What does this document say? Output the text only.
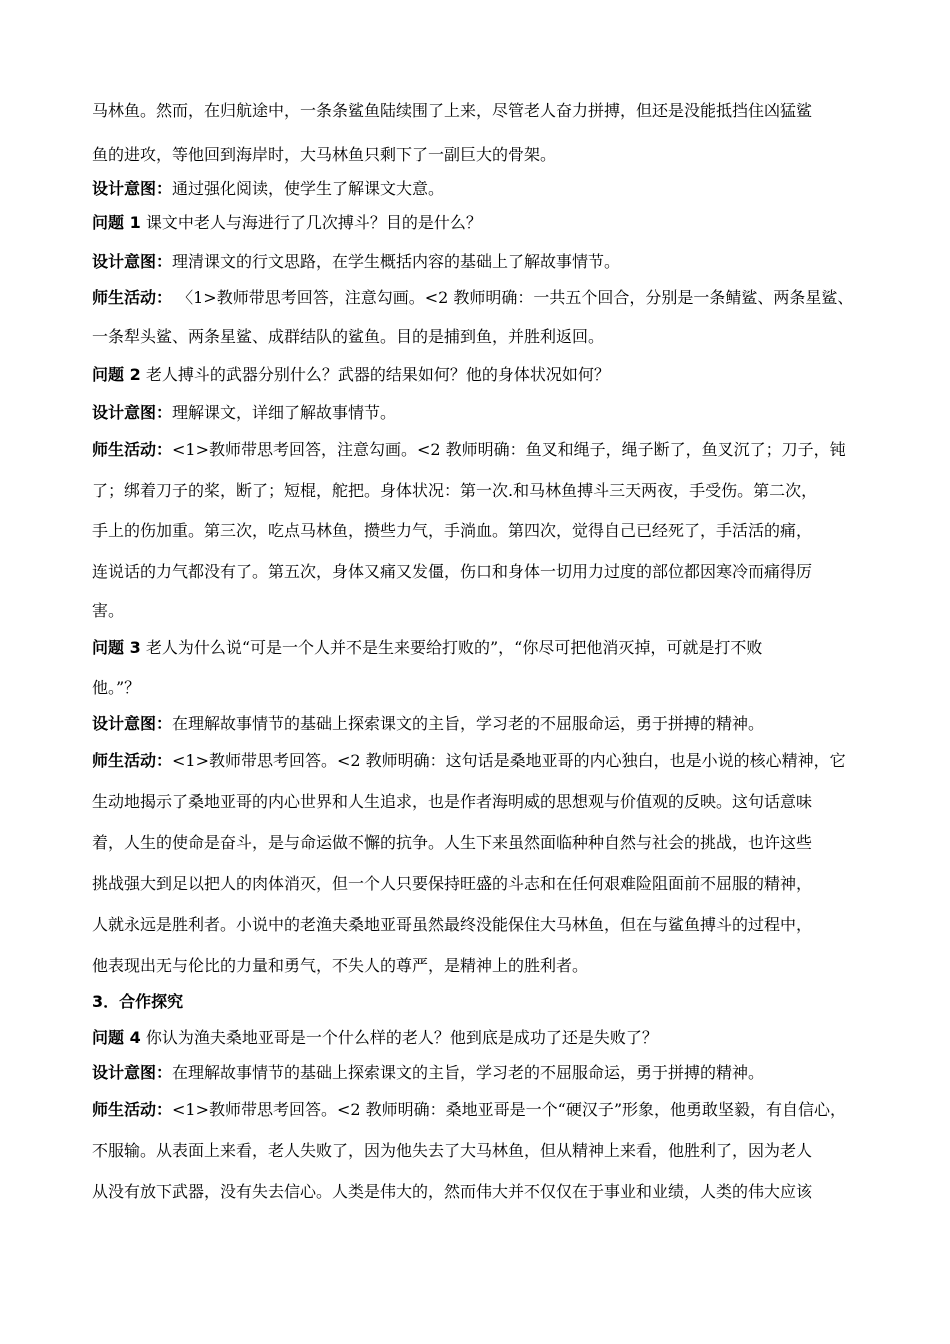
马林鱼。然而，在归航途中，一条条鲨鱼陆续围了上来，尽管老人奋力拼搏，但还是没能抵挡住凶猛鲨
鱼的进攻，等他回到海岸时，大马林鱼只剩下了一副巨大的骨架。
设计意图：通过强化阅读，使学生了解课文大意。
问题 1 课文中老人与海进行了几次搏斗？目的是什么？
设计意图：理清课文的行文思路，在学生概括内容的基础上了解故事情节。
师生活动： 〈1>教师带思考回答，注意勾画。<2 教师明确：一共五个回合，分别是一条鲭鲨、两条星鲨、
一条犁头鲨、两条星鲨、成群结队的鲨鱼。目的是捕到鱼，并胜利返回。
问题 2 老人搏斗的武器分别什么？武器的结果如何？他的身体状况如何？
设计意图：理解课文，详细了解故事情节。
师生活动：<1>教师带思考回答，注意勾画。<2 教师明确：鱼叉和绳子，绳子断了，鱼叉沉了；刀子，钝
了；绑着刀子的桨，断了；短棍，舵把。身体状况：第一次.和马林鱼搏斗三天两夜，手受伤。第二次，
手上的伤加重。第三次，吃点马林鱼，攒些力气，手淌血。第四次，觉得自己已经死了，手活活的痛，
连说话的力气都没有了。第五次，身体又痛又发僵，伤口和身体一切用力过度的部位都因寒冷而痛得厉
害。
问题 3 老人为什么说“可是一个人并不是生来要给打败的”，“你尽可把他消灭掉，可就是打不败
他。”？
设计意图：在理解故事情节的基础上探索课文的主旨，学习老的不屈服命运，勇于拼搏的精神。
师生活动：<1>教师带思考回答。<2 教师明确：这句话是桑地亚哥的内心独白，也是小说的核心精神，它
生动地揭示了桑地亚哥的内心世界和人生追求，也是作者海明威的思想观与价值观的反映。这句话意味
着，人生的使命是奋斗，是与命运做不懈的抗争。人生下来虽然面临种种自然与社会的挑战，也许这些
挑战强大到足以把人的肉体消灭，但一个人只要保持旺盛的斗志和在任何艰难险阻面前不屈服的精神，
人就永远是胜利者。小说中的老渔夫桑地亚哥虽然最终没能保住大马林鱼，但在与鲨鱼搏斗的过程中，
他表现出无与伦比的力量和勇气，不失人的尊严，是精神上的胜利者。
3．合作探究
问题 4 你认为渔夫桑地亚哥是一个什么样的老人？他到底是成功了还是失败了？
设计意图：在理解故事情节的基础上探索课文的主旨，学习老的不屈服命运，勇于拼搏的精神。
师生活动：<1>教师带思考回答。<2 教师明确：桑地亚哥是一个“硬汉子”形象，他勇敢坚毅，有自信心，
不服输。从表面上来看，老人失败了，因为他失去了大马林鱼，但从精神上来看，他胜利了，因为老人
从没有放下武器，没有失去信心。人类是伟大的，然而伟大并不仅仅在于事业和业绩，人类的伟大应该
